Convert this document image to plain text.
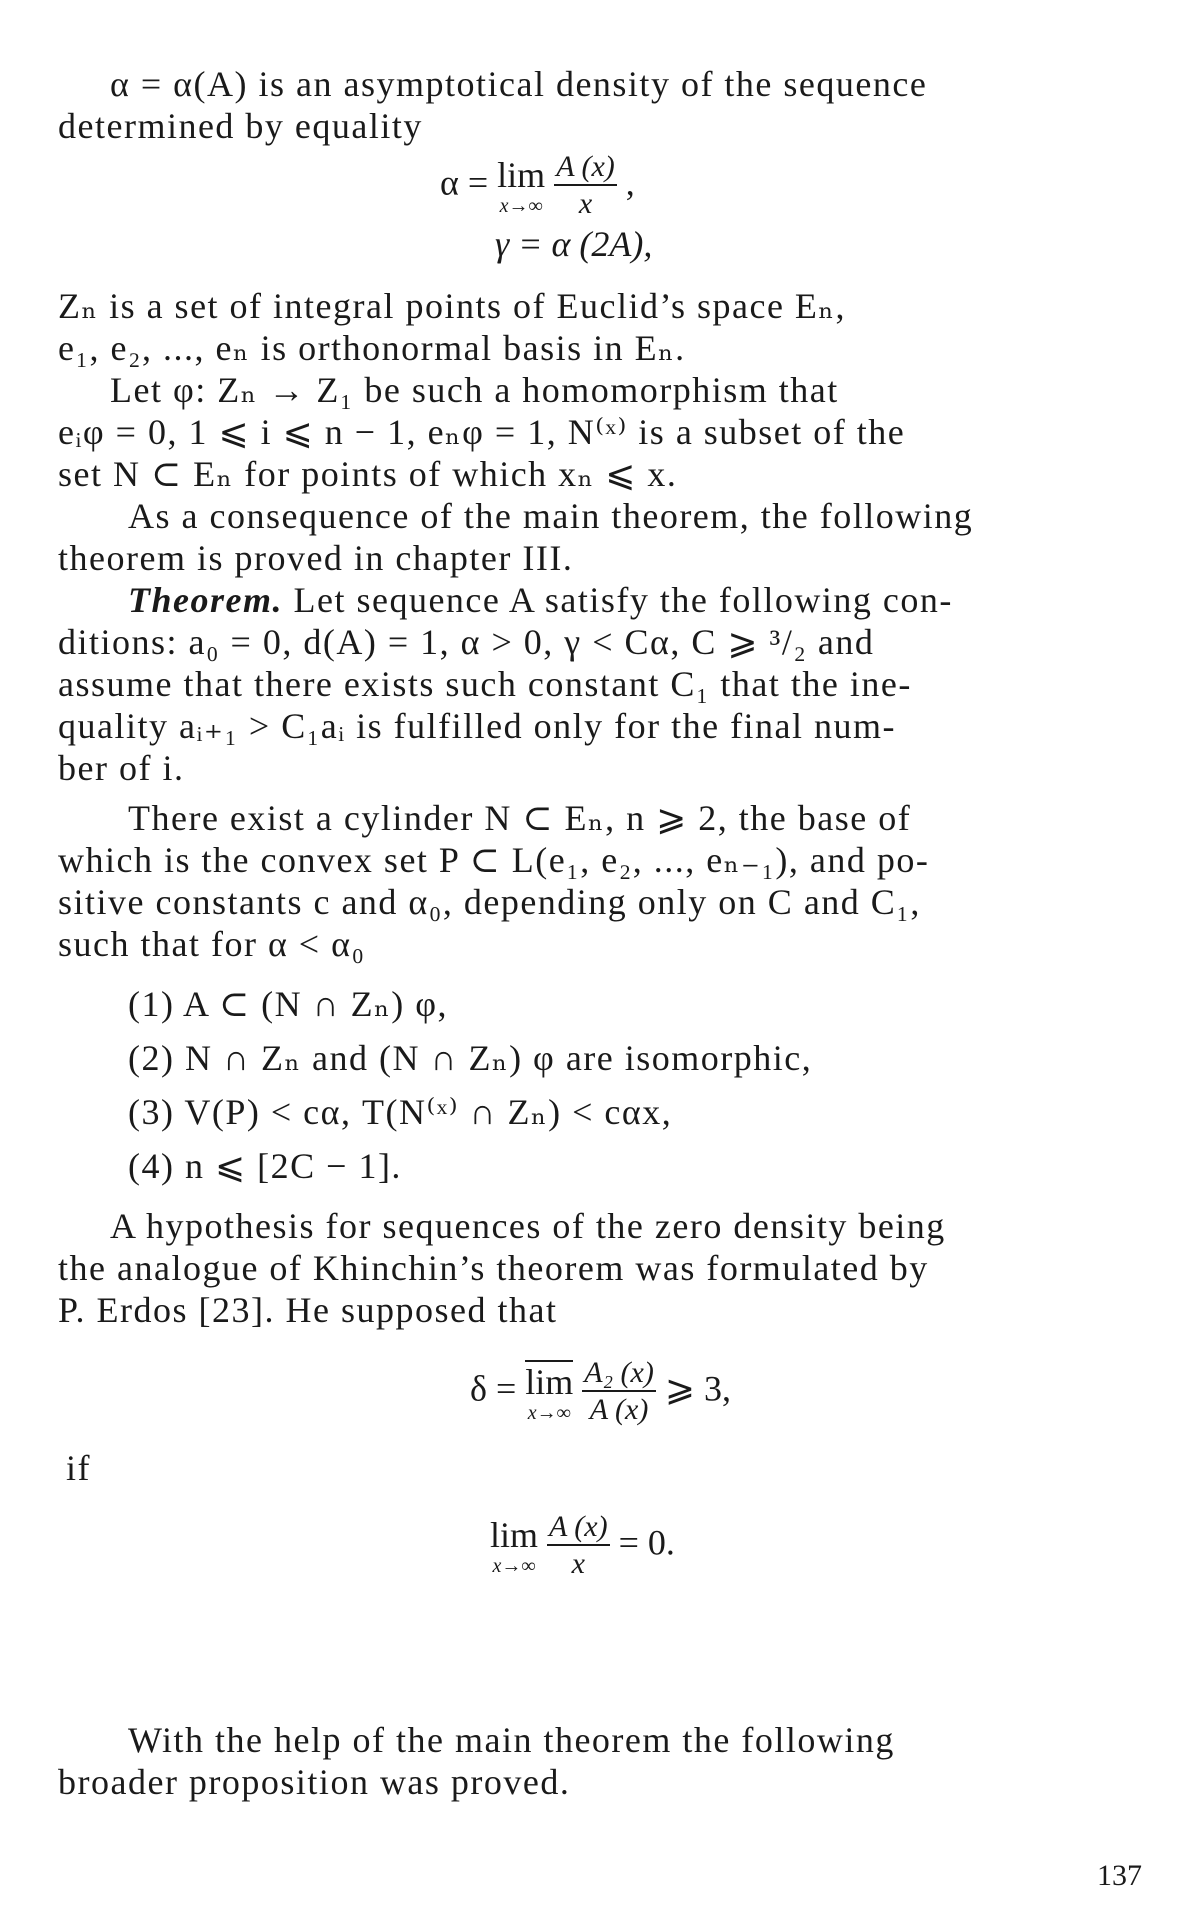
α = α(A) is an asymptotical density of the sequence
determined by equality
α = lim
x→∞
$\frac{A (x)}{x}$ ,
γ = α (2A),
Zₙ is a set of integral points of Euclid’s space Eₙ,
e₁, e₂, ..., eₙ is orthonormal basis in Eₙ.
Let φ: Zₙ → Z₁ be such a homomorphism that
eᵢφ = 0, 1 ⩽ i ⩽ n − 1, eₙφ = 1, N⁽ˣ⁾ is a subset of the
set N ⊂ Eₙ for points of which xₙ ⩽ x.
As a consequence of the main theorem, the following
theorem is proved in chapter III.
Theorem. Let sequence A satisfy the following con-
ditions: a₀ = 0, d(A) = 1, α > 0, γ < Cα, C ⩾ ³/₂ and
assume that there exists such constant C₁ that the ine-
quality aᵢ₊₁ > C₁aᵢ is fulfilled only for the final num-
ber of i.
There exist a cylinder N ⊂ Eₙ, n ⩾ 2, the base of
which is the convex set P ⊂ L(e₁, e₂, ..., eₙ₋₁), and po-
sitive constants c and α₀, depending only on C and C₁,
such that for α < α₀
(1) A ⊂ (N ∩ Zₙ) φ,
(2) N ∩ Zₙ and (N ∩ Zₙ) φ are isomorphic,
(3) V(P) < cα, T(N⁽ˣ⁾ ∩ Zₙ) < cαx,
(4) n ⩽ [2C − 1].
A hypothesis for sequences of the zero density being
the analogue of Khinchin’s theorem was formulated by
P. Erdos [23]. He supposed that
δ = lim
x→∞
$\frac{\text{A₂ (x)}}{A (x)}$ ⩾ 3,
if
lim
x→∞
$\frac{A (x)}{x} = 0$.
With the help of the main theorem the following
broader proposition was proved.
137
